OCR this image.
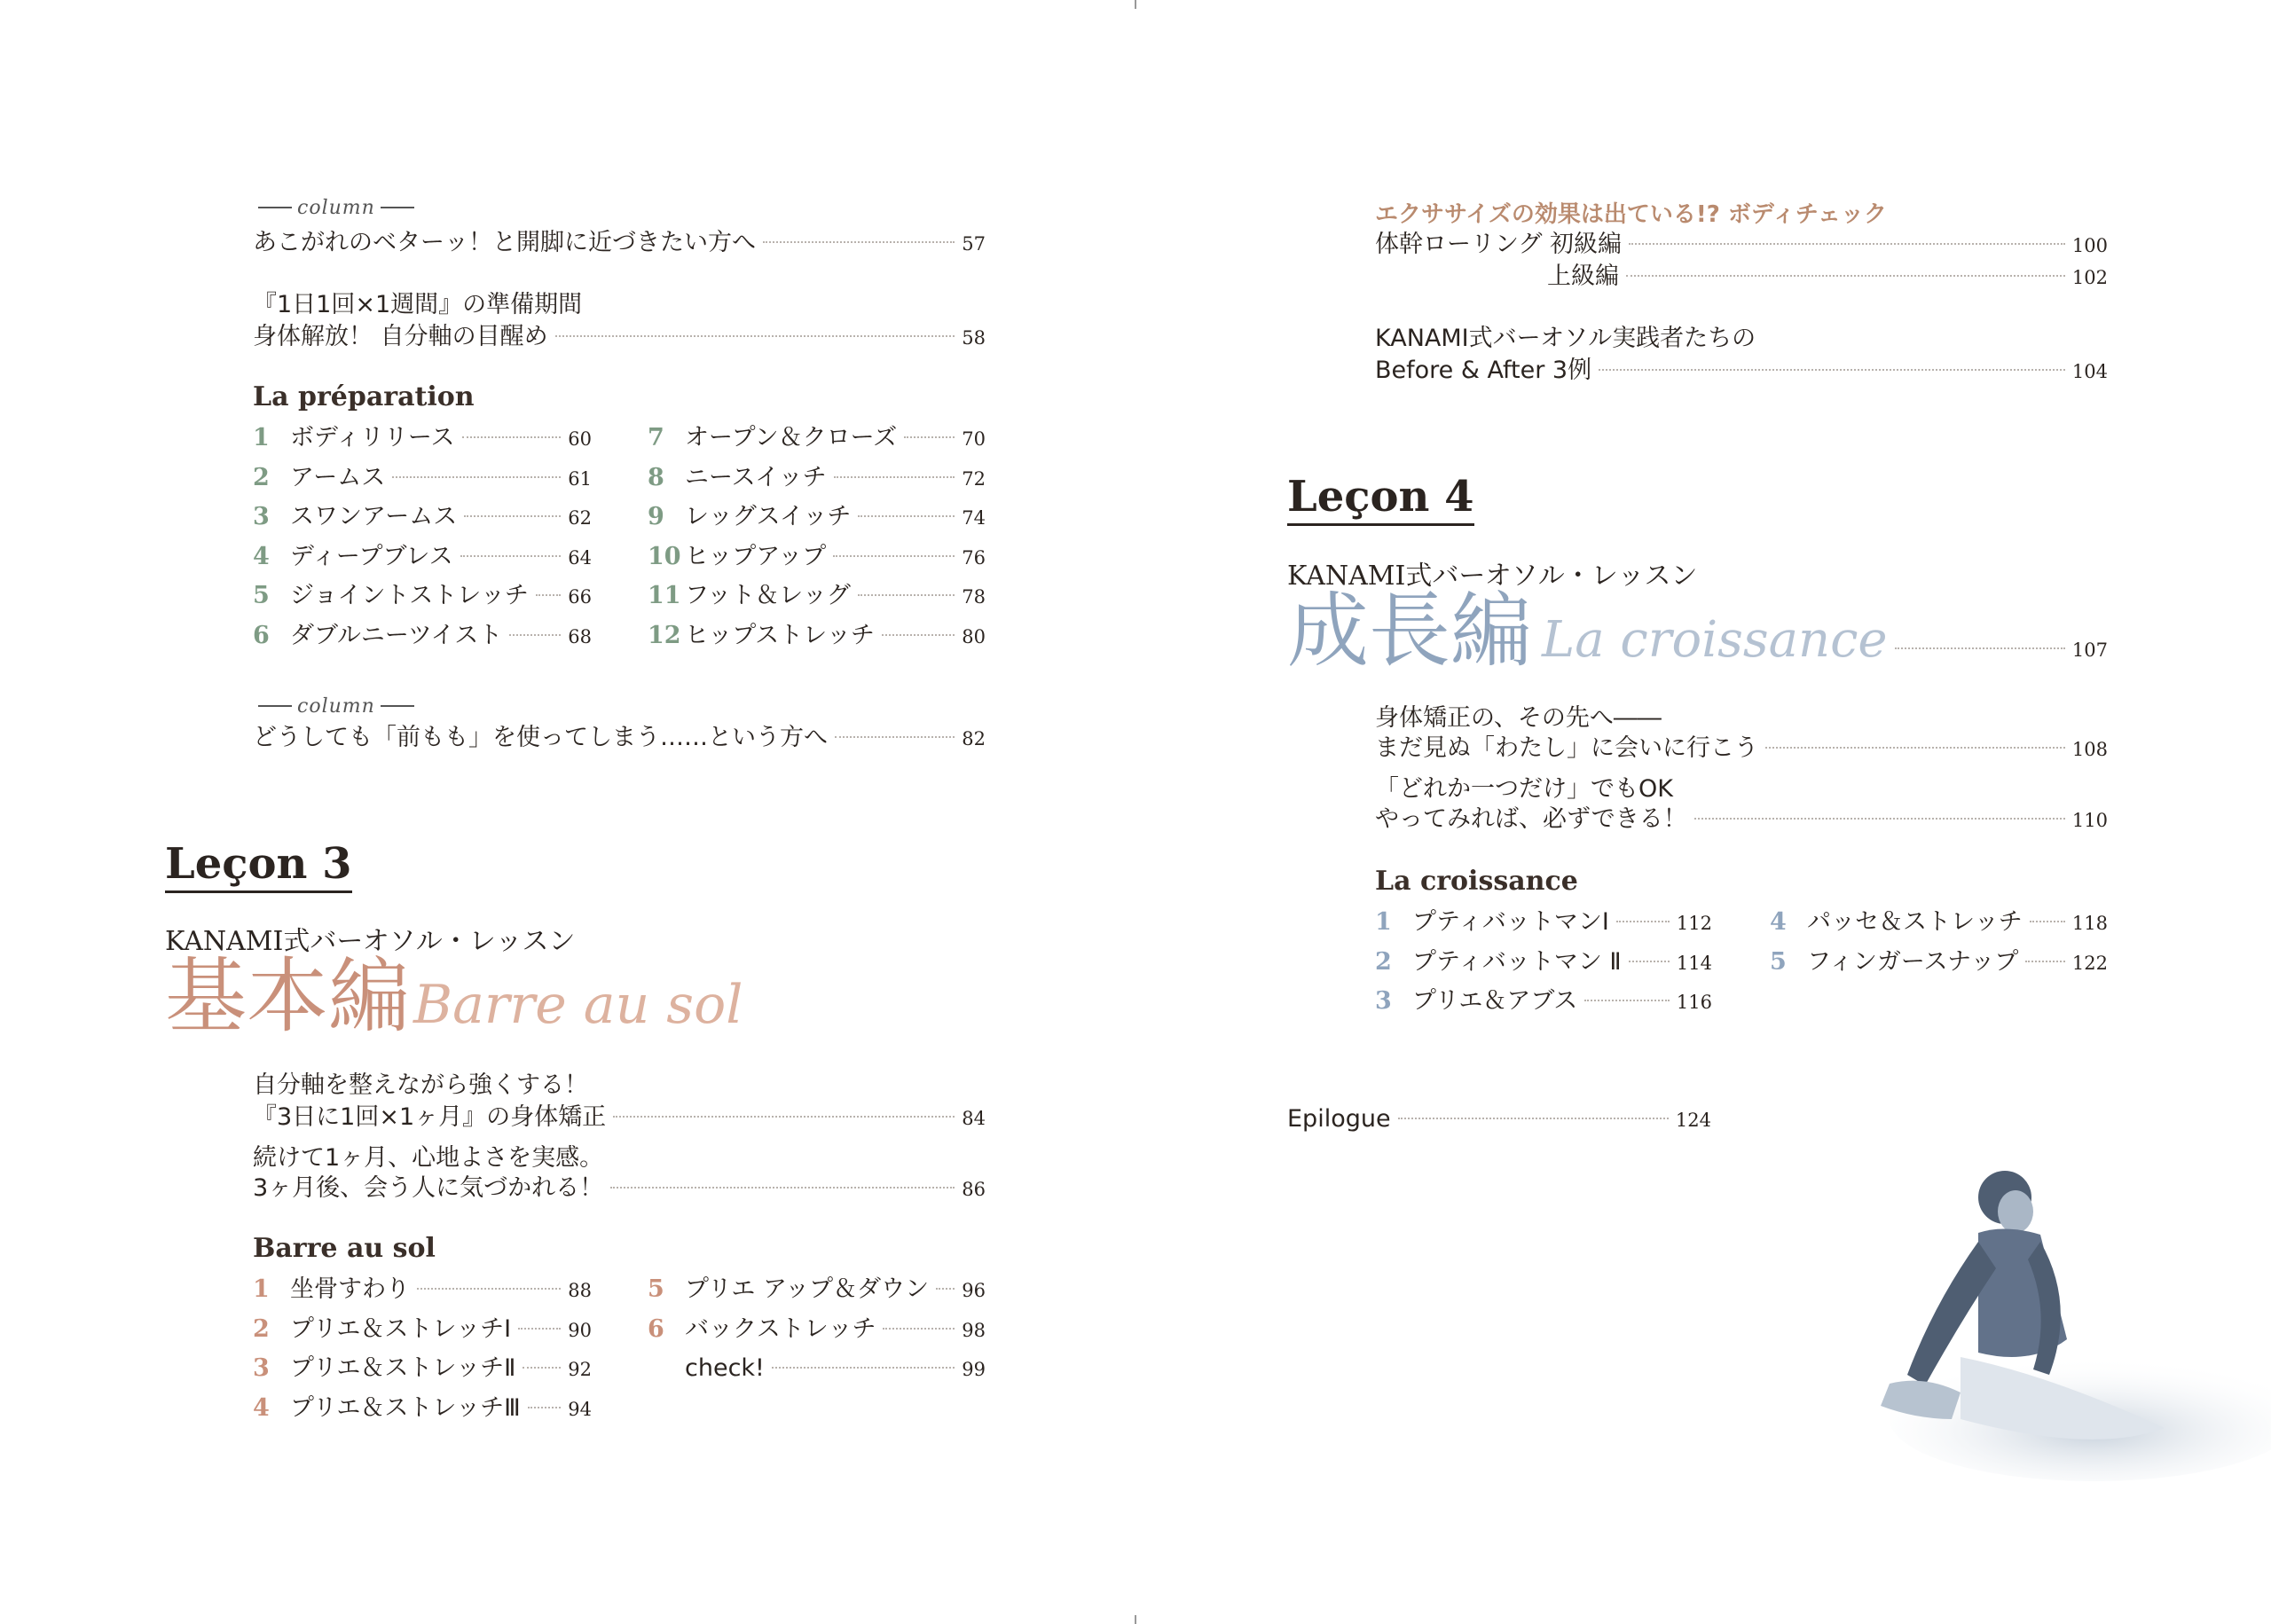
column
あこがれのベターッ！と開脚に近づきたい方へ	57
『1日1回×1週間』の準備期間
身体解放！ 自分軸の目醒め	58
La préparation
1 ボディリリース	60
2 アームス	61
3 スワンアームス	62
4 ディープブレス	64
5 ジョイントストレッチ 66
6 ダブルニーツイスト	68
7 オープン＆クローズ	70
8 ニースイッチ	72
9 レッグスイッチ	74
10 ヒップアップ	76
11 フット＆レッグ	78
12 ヒップストレッチ	80
column
どうしても「前もも」を使ってしまう……という方へ	82
Leçon 3
KANAMI式バーオソル・レッスン
基本編 Barre au sol
自分軸を整えながら強くする！
『3日に1回×1ヶ月』の身体矯正	84
続けて1ヶ月、心地よさを実感。
3ヶ月後、会う人に気づかれる！	86
Barre au sol
1 坐骨すわり	88
2 プリエ＆ストレッチⅠ	90
3 プリエ＆ストレッチⅡ	92
4 プリエ＆ストレッチⅢ	94
5 プリエ アップ＆ダウン 96
6 バックストレッチ	98
check!	99
エクササイズの効果は出ている!? ボディチェック
体幹ローリング 初級編	100
上級編	102
KANAMI式バーオソル実践者たちの
Before & After 3例	104
Leçon 4
KANAMI式バーオソル・レッスン
成長編 La croissance	107
身体矯正の、その先へ――
まだ見ぬ「わたし」に会いに行こう	108
「どれか一つだけ」でもOK
やってみれば、必ずできる！	110
La croissance
1 プティバットマンⅠ	112
2 プティバットマン Ⅱ	114
3 プリエ＆アブス	116
4 パッセ＆ストレッチ	118
5 フィンガースナップ	122
Epilogue	124
